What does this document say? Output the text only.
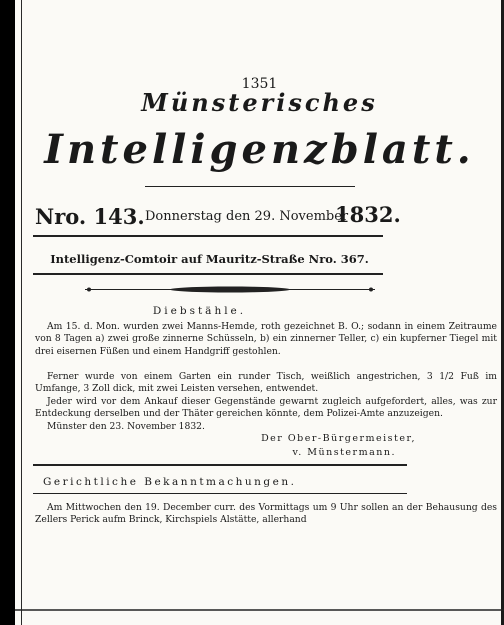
1351
Münsterisches
Intelligenzblatt.
Nro. 143. Donnerstag den 29. November
1832.
Intelligenz-Comtoir auf Mauritz-Straße Nro. 367.
Diebstähle.
Am 15. d. Mon. wurden zwei Manns-Hemde, roth gezeichnet B. O.; sodann in einem Zeitraume von 8 Tagen a) zwei große zinnerne Schüsseln, b) ein zinnerner Teller, c) ein kupferner Tiegel mit drei eisernen Füßen und einem Handgriff gestohlen.
Ferner wurde von einem Garten ein runder Tisch, weißlich angestrichen, 3 1/2 Fuß im Umfange, 3 Zoll dick, mit zwei Leisten versehen, entwendet.
Jeder wird vor dem Ankauf dieser Gegenstände gewarnt zugleich aufgefordert, alles, was zur Entdeckung derselben und der Thäter gereichen könnte, dem Polizei-Amte anzuzeigen.
Münster den 23. November 1832.
Der Ober-Bürgermeister,
v. Münstermann.
Gerichtliche Bekanntmachungen.
Am Mittwochen den 19. December curr. des Vormittags um 9 Uhr sollen an der Behausung des Zellers Perick aufm Brinck, Kirchspiels Alstätte, allerhand
